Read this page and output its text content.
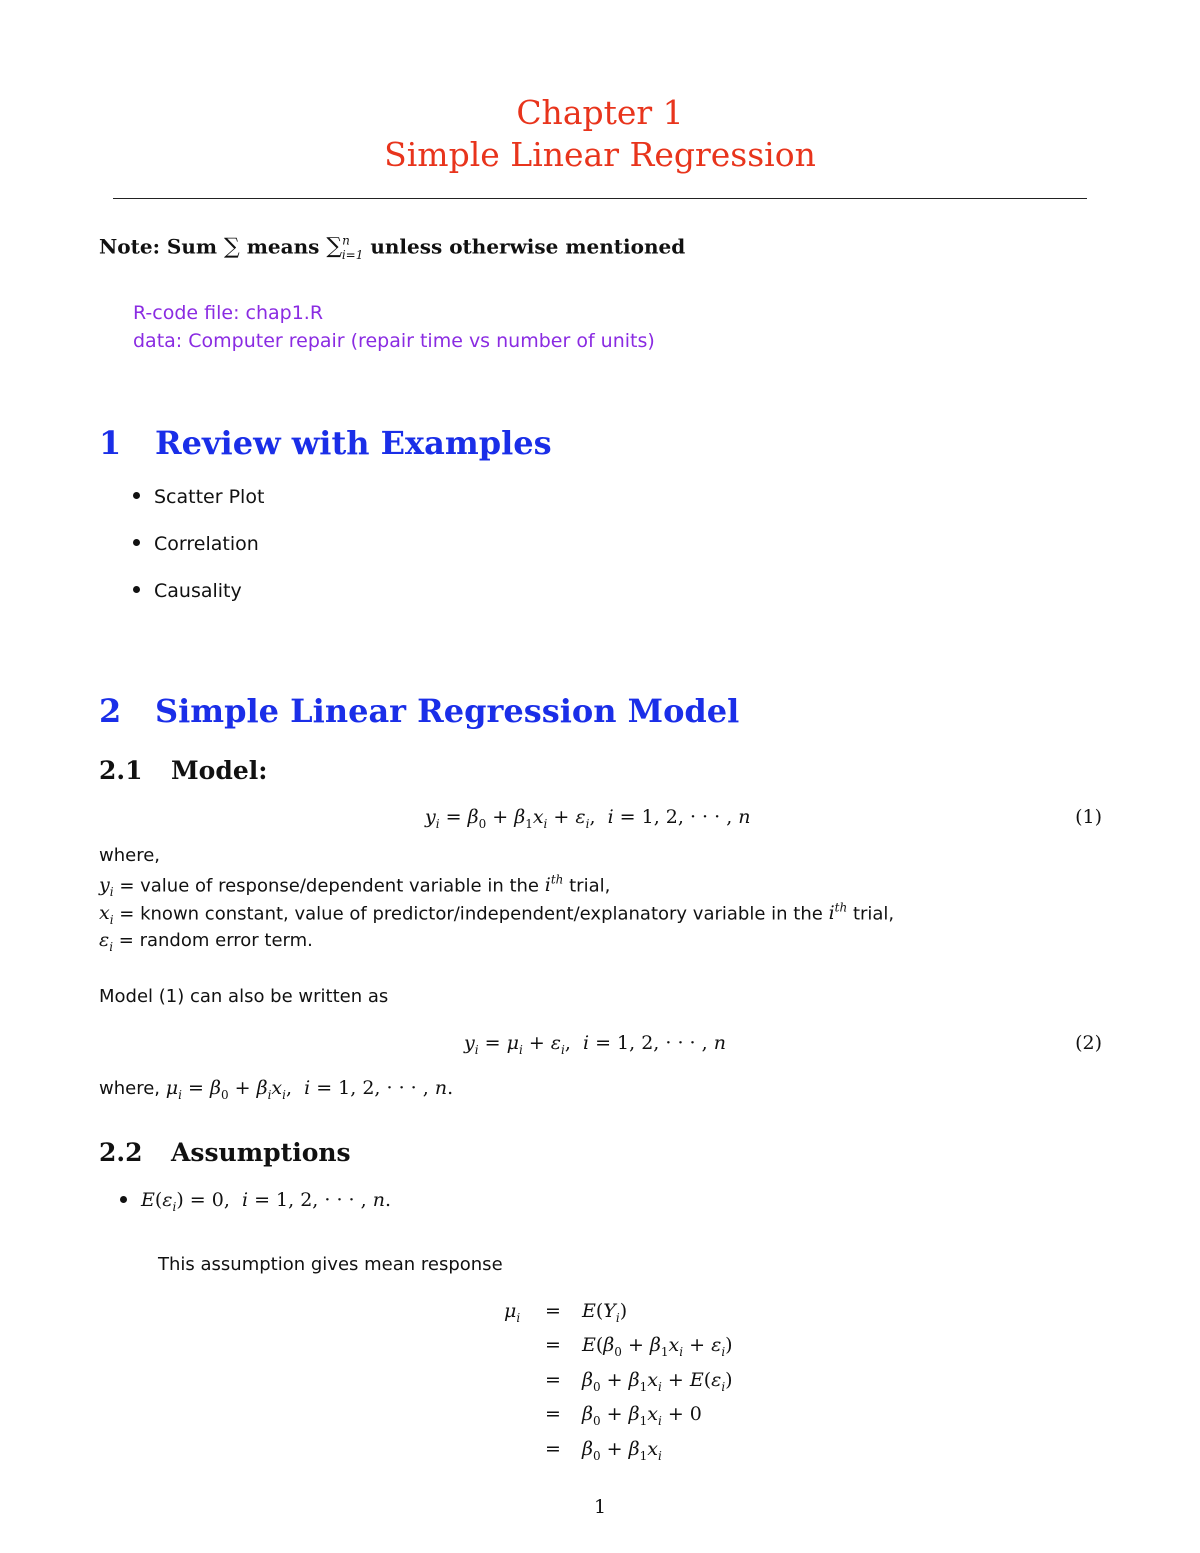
Chapter 1
Simple Linear Regression
Note: Sum ∑ means ∑$^n_{i=1}$ unless otherwise mentioned
R-code file: chap1.R
data: Computer repair (repair time vs number of units)
1 Review with Examples
Scatter Plot
Correlation
Causality
2 Simple Linear Regression Model
2.1 Model:
$y_i = \beta_0 + \beta_1x_i + \varepsilon_i$,  i = 1, 2, · · · , n	(1)
where,
$y_i$ = value of response/dependent variable in the $i^{th}$ trial,
$x_i$ = known constant, value of predictor/independent/explanatory variable in the $i^{th}$ trial,
$\varepsilon_i$ = random error term.
Model (1) can also be written as
$y_i = \mu_i + \varepsilon_i$,  i = 1, 2, · · · , n	(2)
where, $\mu_i = \beta_0 + \beta_ix_i$,  i = 1, 2, · · · , n.
2.2 Assumptions
$E(\varepsilon_i) = 0$,  i = 1, 2, · · · , n.
This assumption gives mean response
$\mu_i = E(Y_i)$
= $E(\beta_0 + \beta_1x_i + \varepsilon_i)$
= $\beta_0 + \beta_1x_i + E(\varepsilon_i)$
= $\beta_0 + \beta_1x_i + 0$
= $\beta_0 + \beta_1x_i$
1
